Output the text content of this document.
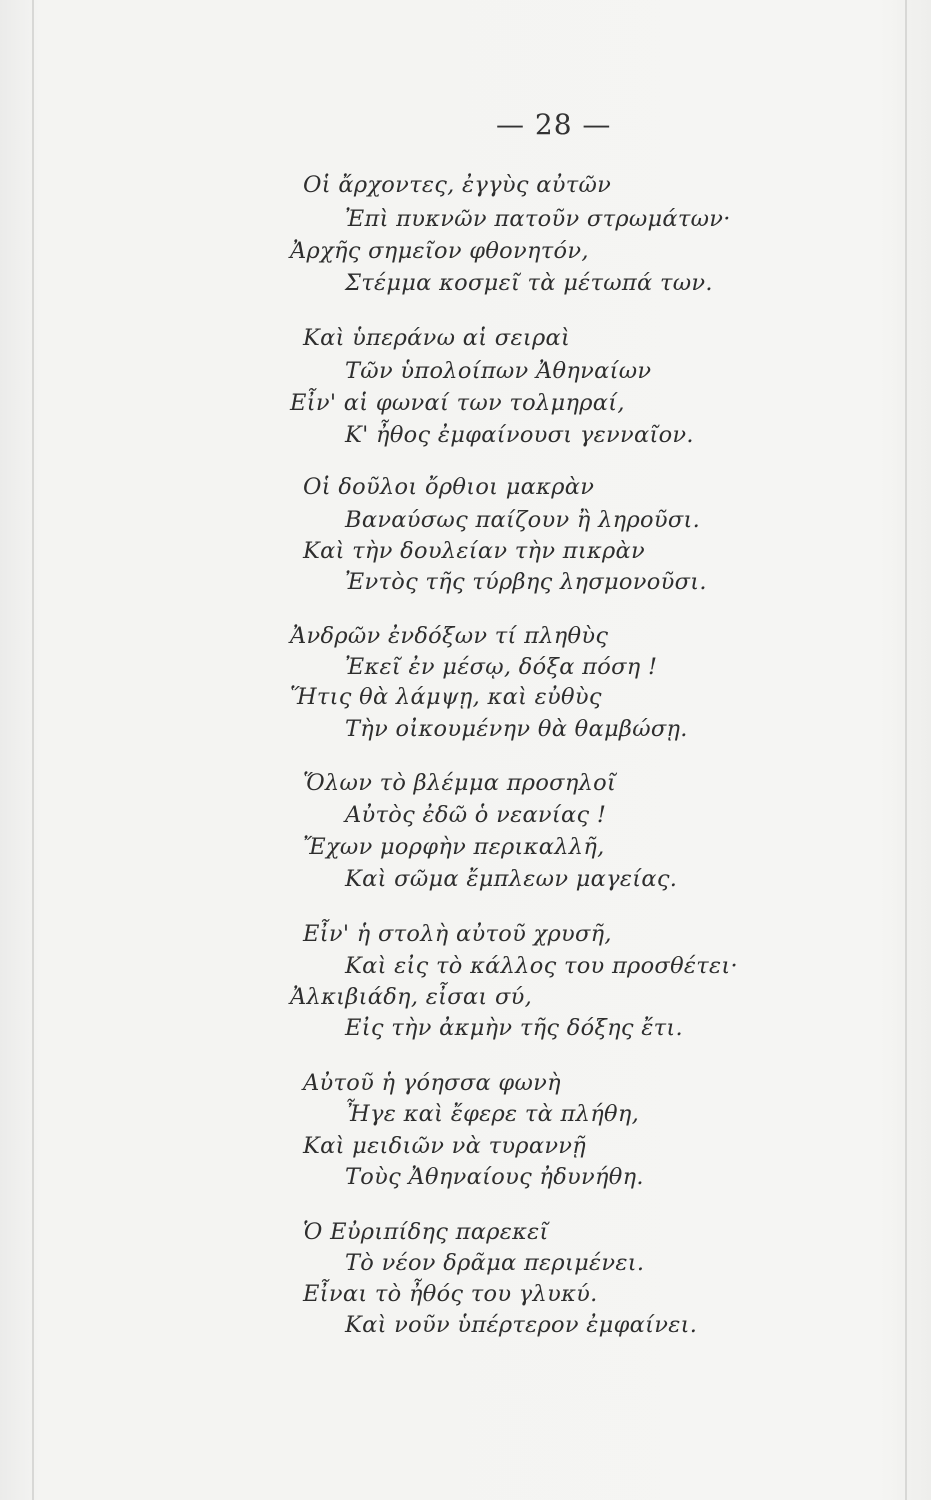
— 28 —
Οἱ ἄρχοντες, ἐγγὺς αὐτῶν
Ἐπὶ πυκνῶν πατοῦν στρωμάτων·
Ἀρχῆς σημεῖον φθονητόν,
Στέμμα κοσμεῖ τὰ μέτωπά των.
Καὶ ὑπεράνω αἱ σειραὶ
Τῶν ὑπολοίπων Ἀθηναίων
Εἶν' αἱ φωναί των τολμηραί,
Κ' ἦθος ἐμφαίνουσι γενναῖον.
Οἱ δοῦλοι ὄρθιοι μακρὰν
Βαναύσως παίζουν ἢ ληροῦσι.
Καὶ τὴν δουλείαν τὴν πικρὰν
Ἐντὸς τῆς τύρβης λησμονοῦσι.
Ἀνδρῶν ἐνδόξων τί πληθὺς
Ἐκεῖ ἐν μέσῳ, δόξα πόση !
Ἥτις θὰ λάμψῃ, καὶ εὐθὺς
Τὴν οἰκουμένην θὰ θαμβώσῃ.
Ὅλων τὸ βλέμμα προσηλοῖ
Αὐτὸς ἐδῶ ὁ νεανίας !
Ἔχων μορφὴν περικαλλῆ,
Καὶ σῶμα ἔμπλεων μαγείας.
Εἶν' ἡ στολὴ αὐτοῦ χρυσῆ,
Καὶ εἰς τὸ κάλλος του προσθέτει·
Ἀλκιβιάδη, εἶσαι σύ,
Εἰς τὴν ἀκμὴν τῆς δόξης ἔτι.
Αὐτοῦ ἡ γόησσα φωνὴ
Ἦγε καὶ ἔφερε τὰ πλήθη,
Καὶ μειδιῶν νὰ τυραννῇ
Τοὺς Ἀθηναίους ἠδυνήθη.
Ὁ Εὐριπίδης παρεκεῖ
Τὸ νέον δρᾶμα περιμένει.
Εἶναι τὸ ἦθός του γλυκύ.
Καὶ νοῦν ὑπέρτερον ἐμφαίνει.
